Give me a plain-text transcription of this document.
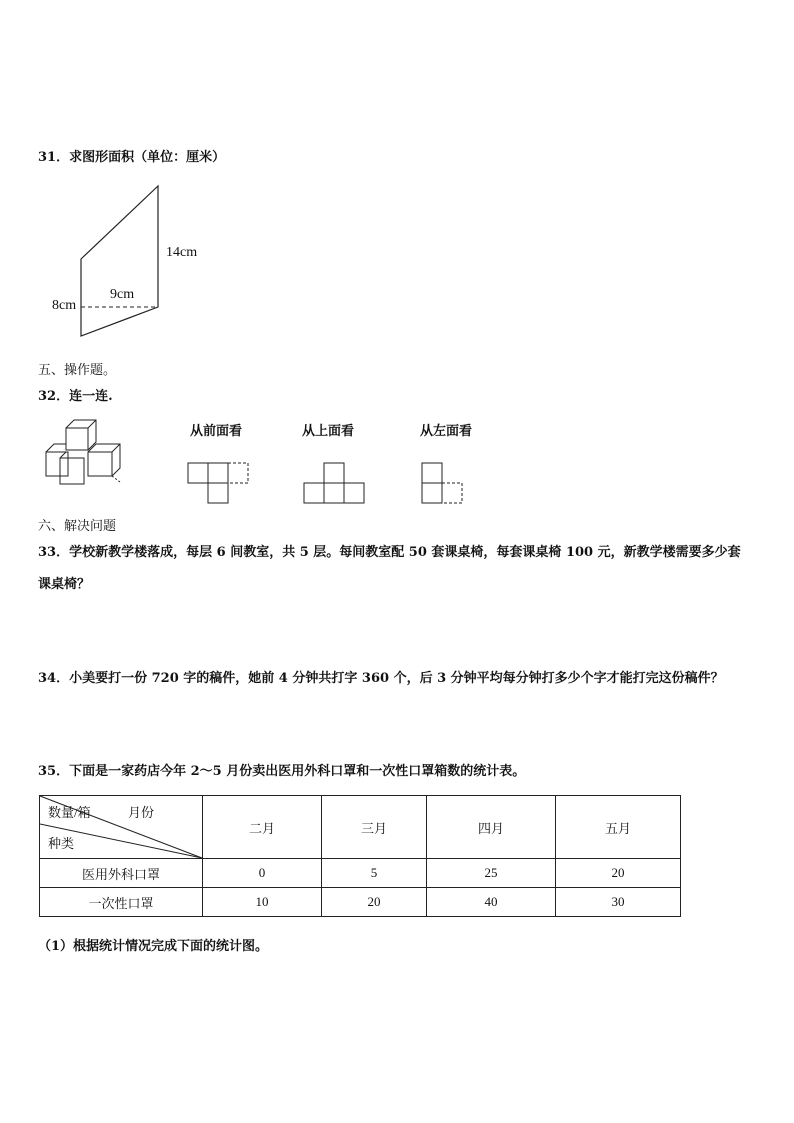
31．求图形面积（单位：厘米）
14cm
9cm
8cm
五、操作题。
32．连一连.
从前面看	从上面看	从左面看
六、解决问题
33．学校新教学楼落成，每层 6 间教室，共 5 层。每间教室配 50 套课桌椅，每套课桌椅 100 元，新教学楼需要多少套
课桌椅？
34．小美要打一份 720 字的稿件，她前 4 分钟共打字 360 个，后 3 分钟平均每分钟打多少个字才能打完这份稿件？
35．下面是一家药店今年 2～5 月份卖出医用外科口罩和一次性口罩箱数的统计表。
数量/箱 月份
种类	二月	三月	四月	五月
医用外科口罩	0	5	25	20
一次性口罩	10	20	40	30
（1）根据统计情况完成下面的统计图。
